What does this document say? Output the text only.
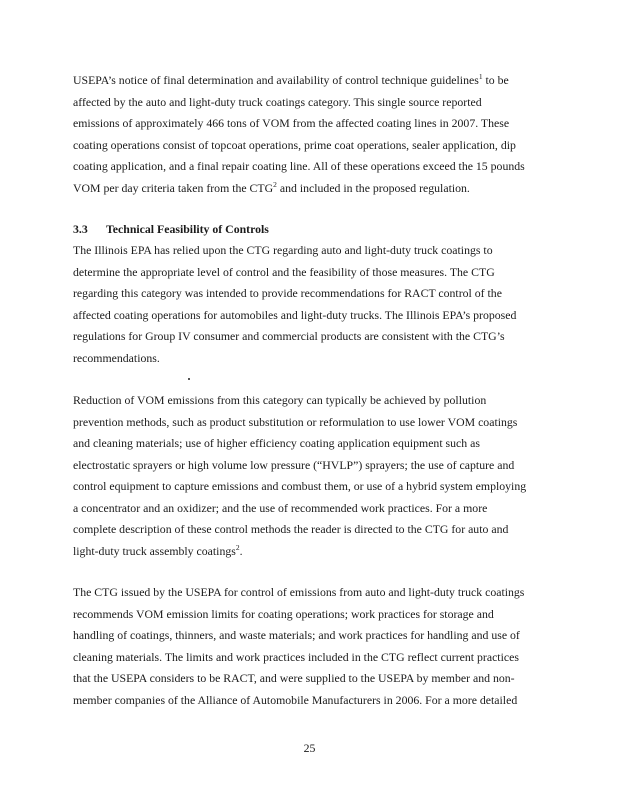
USEPA’s notice of final determination and availability of control technique guidelines$^1$ to be
affected by the auto and light-duty truck coatings category. This single source reported
emissions of approximately 466 tons of VOM from the affected coating lines in 2007. These
coating operations consist of topcoat operations, prime coat operations, sealer application, dip
coating application, and a final repair coating line. All of these operations exceed the 15 pounds
VOM per day criteria taken from the CTG$^2$ and included in the proposed regulation.
3.3 Technical Feasibility of Controls
The Illinois EPA has relied upon the CTG regarding auto and light-duty truck coatings to
determine the appropriate level of control and the feasibility of those measures. The CTG
regarding this category was intended to provide recommendations for RACT control of the
affected coating operations for automobiles and light-duty trucks. The Illinois EPA’s proposed
regulations for Group IV consumer and commercial products are consistent with the CTG’s
recommendations.
Reduction of VOM emissions from this category can typically be achieved by pollution
prevention methods, such as product substitution or reformulation to use lower VOM coatings
and cleaning materials; use of higher efficiency coating application equipment such as
electrostatic sprayers or high volume low pressure (“HVLP”) sprayers; the use of capture and
control equipment to capture emissions and combust them, or use of a hybrid system employing
a concentrator and an oxidizer; and the use of recommended work practices. For a more
complete description of these control methods the reader is directed to the CTG for auto and
light-duty truck assembly coatings$^2$.
The CTG issued by the USEPA for control of emissions from auto and light-duty truck coatings
recommends VOM emission limits for coating operations; work practices for storage and
handling of coatings, thinners, and waste materials; and work practices for handling and use of
cleaning materials. The limits and work practices included in the CTG reflect current practices
that the USEPA considers to be RACT, and were supplied to the USEPA by member and non-
member companies of the Alliance of Automobile Manufacturers in 2006. For a more detailed
25
